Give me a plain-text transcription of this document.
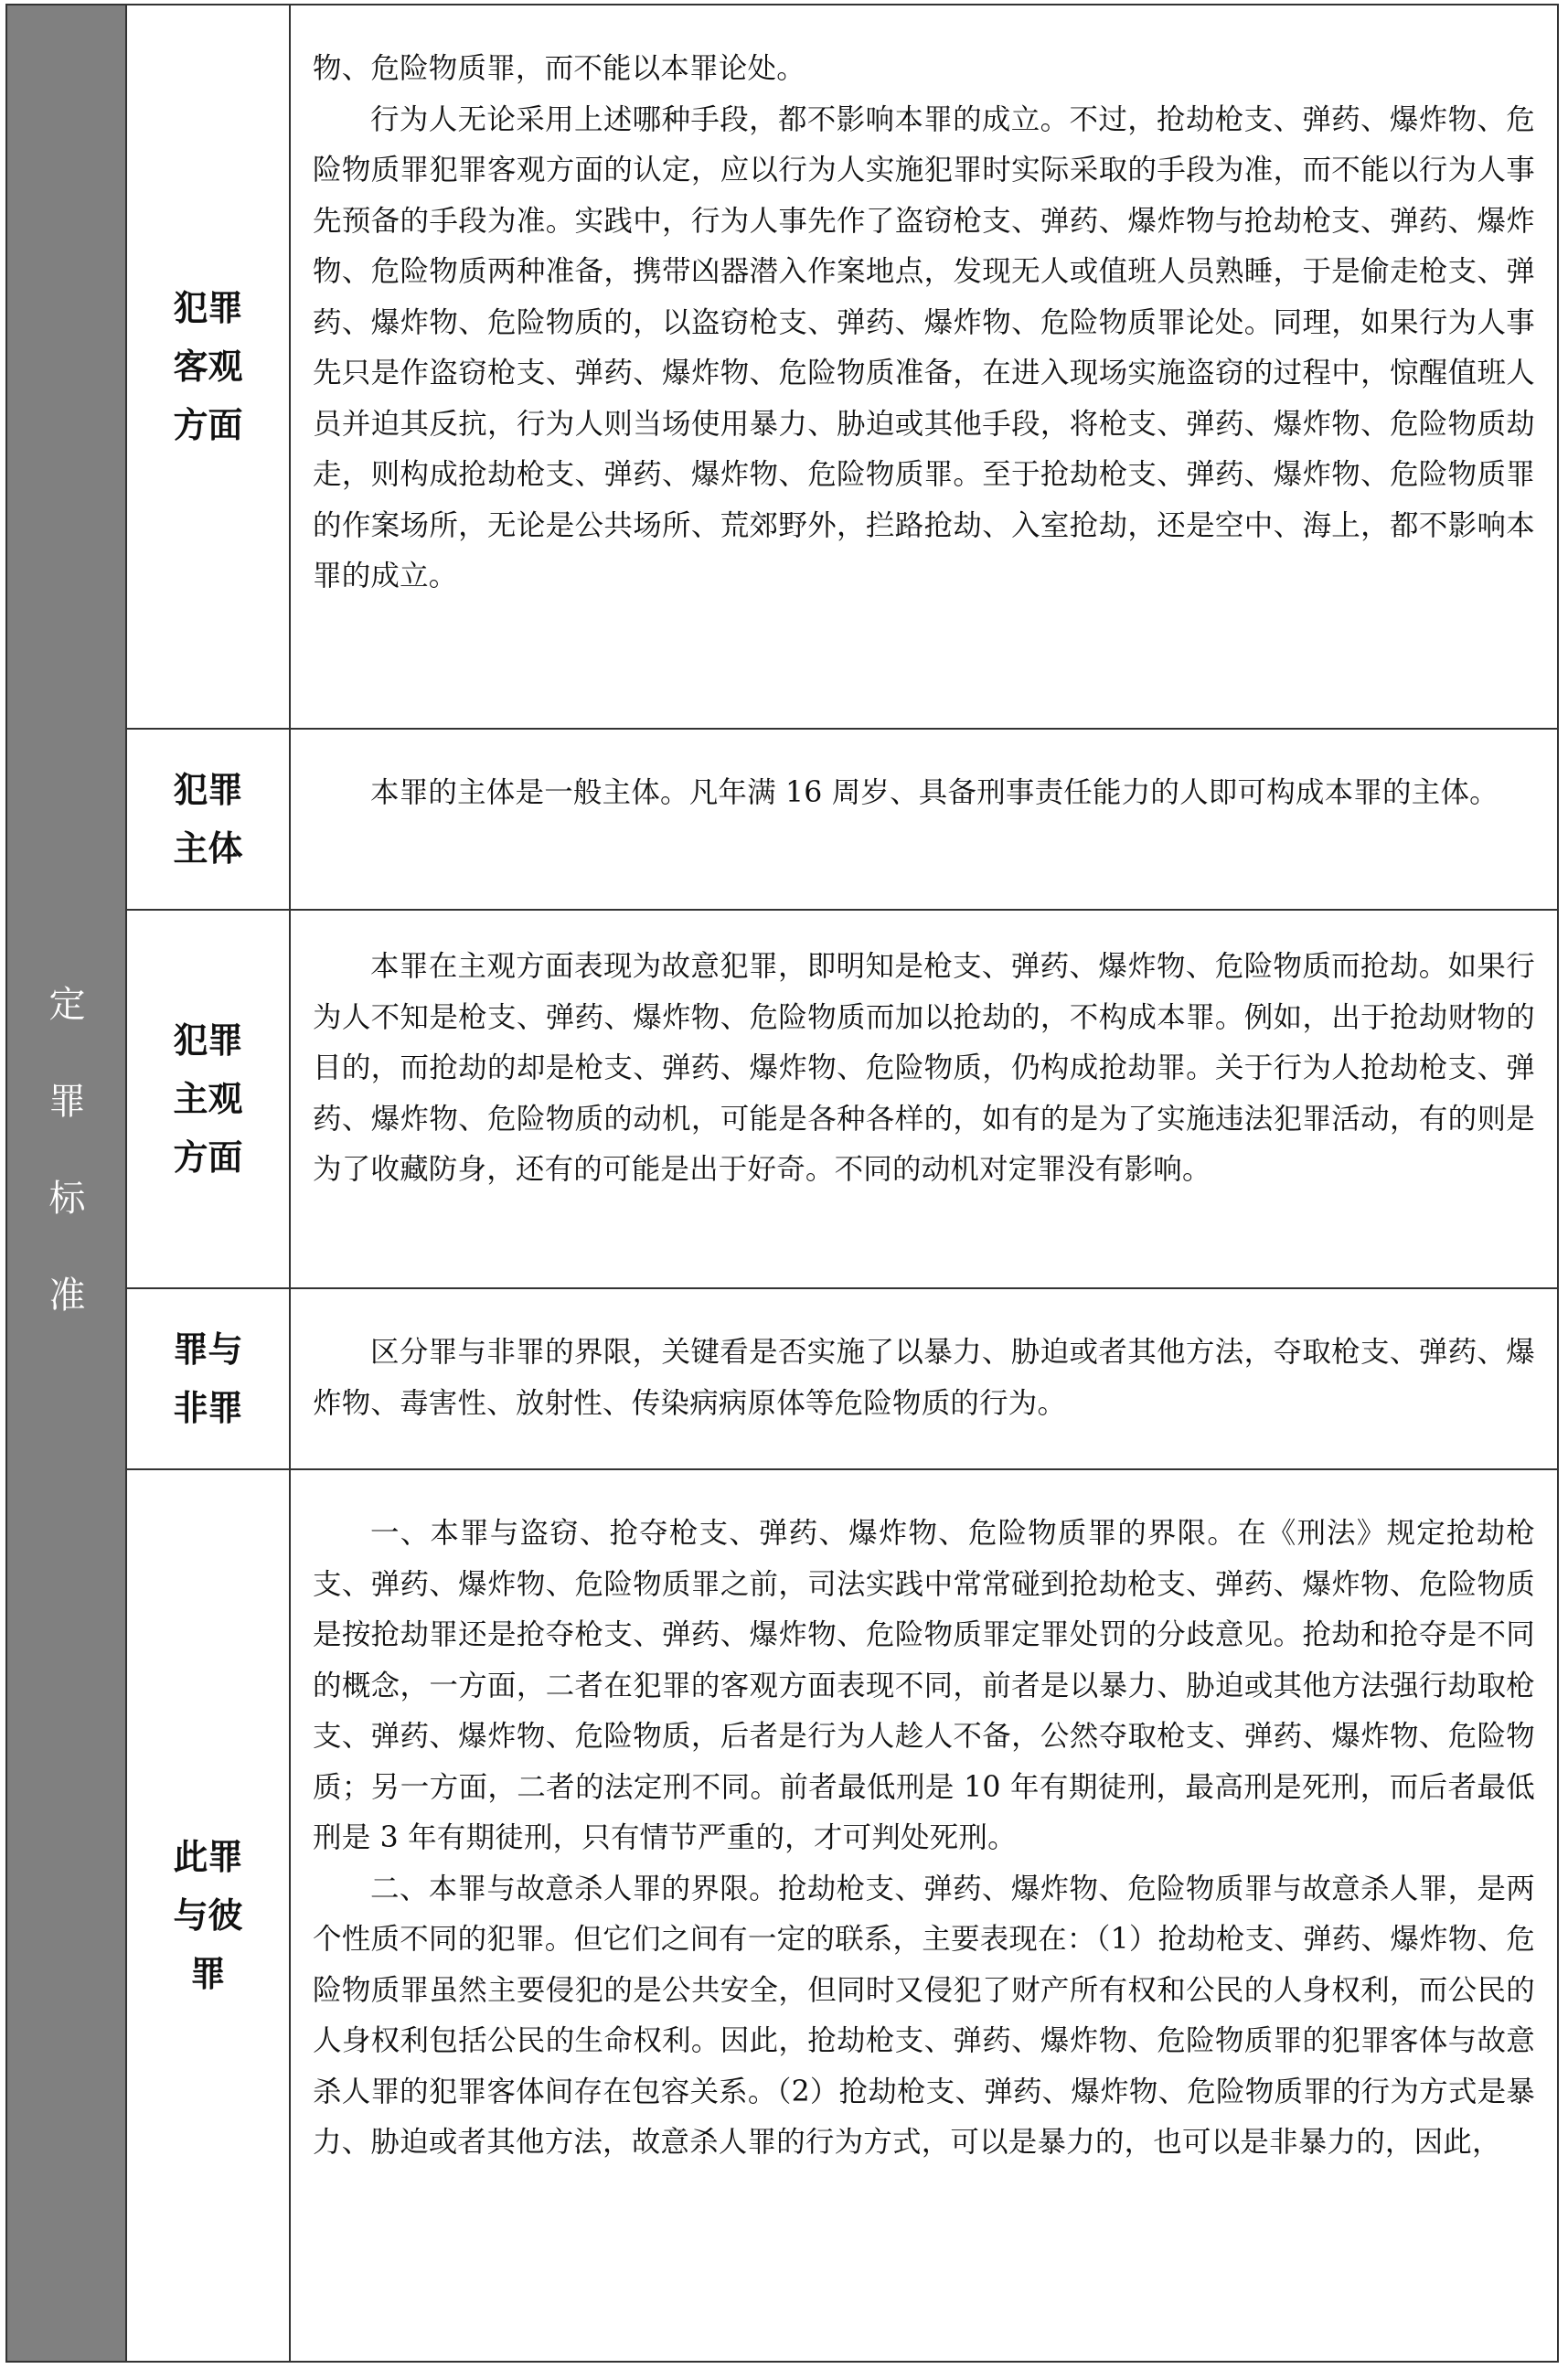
定
罪
标
准
犯罪客观方面

物、危险物质罪，而不能以本罪论处。

行为人无论采用上述哪种手段，都不影响本罪的成立。不过，抢劫枪支、弹药、爆炸物、危险物质罪犯罪客观方面的认定，应以行为人实施犯罪时实际采取的手段为准，而不能以行为人事先预备的手段为准。实践中，行为人事先作了盗窃枪支、弹药、爆炸物与抢劫枪支、弹药、爆炸物、危险物质两种准备，携带凶器潜入作案地点，发现无人或值班人员熟睡，于是偷走枪支、弹药、爆炸物、危险物质的，以盗窃枪支、弹药、爆炸物、危险物质罪论处。同理，如果行为人事先只是作盗窃枪支、弹药、爆炸物、危险物质准备，在进入现场实施盗窃的过程中，惊醒值班人员并迫其反抗，行为人则当场使用暴力、胁迫或其他手段，将枪支、弹药、爆炸物、危险物质劫走，则构成抢劫枪支、弹药、爆炸物、危险物质罪。至于抢劫枪支、弹药、爆炸物、危险物质罪的作案场所，无论是公共场所、荒郊野外，拦路抢劫、入室抢劫，还是空中、海上，都不影响本罪的成立。

犯罪主体

本罪的主体是一般主体。凡年满 16 周岁、具备刑事责任能力的人即可构成本罪的主体。

犯罪主观方面

本罪在主观方面表现为故意犯罪，即明知是枪支、弹药、爆炸物、危险物质而抢劫。如果行为人不知是枪支、弹药、爆炸物、危险物质而加以抢劫的，不构成本罪。例如，出于抢劫财物的目的，而抢劫的却是枪支、弹药、爆炸物、危险物质，仍构成抢劫罪。关于行为人抢劫枪支、弹药、爆炸物、危险物质的动机，可能是各种各样的，如有的是为了实施违法犯罪活动，有的则是为了收藏防身，还有的可能是出于好奇。不同的动机对定罪没有影响。

罪与非罪

区分罪与非罪的界限，关键看是否实施了以暴力、胁迫或者其他方法，夺取枪支、弹药、爆炸物、毒害性、放射性、传染病病原体等危险物质的行为。

此罪与彼罪

一、本罪与盗窃、抢夺枪支、弹药、爆炸物、危险物质罪的界限。在《刑法》规定抢劫枪支、弹药、爆炸物、危险物质罪之前，司法实践中常常碰到抢劫枪支、弹药、爆炸物、危险物质是按抢劫罪还是抢夺枪支、弹药、爆炸物、危险物质罪定罪处罚的分歧意见。抢劫和抢夺是不同的概念，一方面，二者在犯罪的客观方面表现不同，前者是以暴力、胁迫或其他方法强行劫取枪支、弹药、爆炸物、危险物质，后者是行为人趁人不备，公然夺取枪支、弹药、爆炸物、危险物质；另一方面，二者的法定刑不同。前者最低刑是 10 年有期徒刑，最高刑是死刑，而后者最低刑是 3 年有期徒刑，只有情节严重的，才可判处死刑。

二、本罪与故意杀人罪的界限。抢劫枪支、弹药、爆炸物、危险物质罪与故意杀人罪，是两个性质不同的犯罪。但它们之间有一定的联系，主要表现在：（1）抢劫枪支、弹药、爆炸物、危险物质罪虽然主要侵犯的是公共安全，但同时又侵犯了财产所有权和公民的人身权利，而公民的人身权利包括公民的生命权利。因此，抢劫枪支、弹药、爆炸物、危险物质罪的犯罪客体与故意杀人罪的犯罪客体间存在包容关系。（2）抢劫枪支、弹药、爆炸物、危险物质罪的行为方式是暴力、胁迫或者其他方法，故意杀人罪的行为方式，可以是暴力的，也可以是非暴力的，因此，
